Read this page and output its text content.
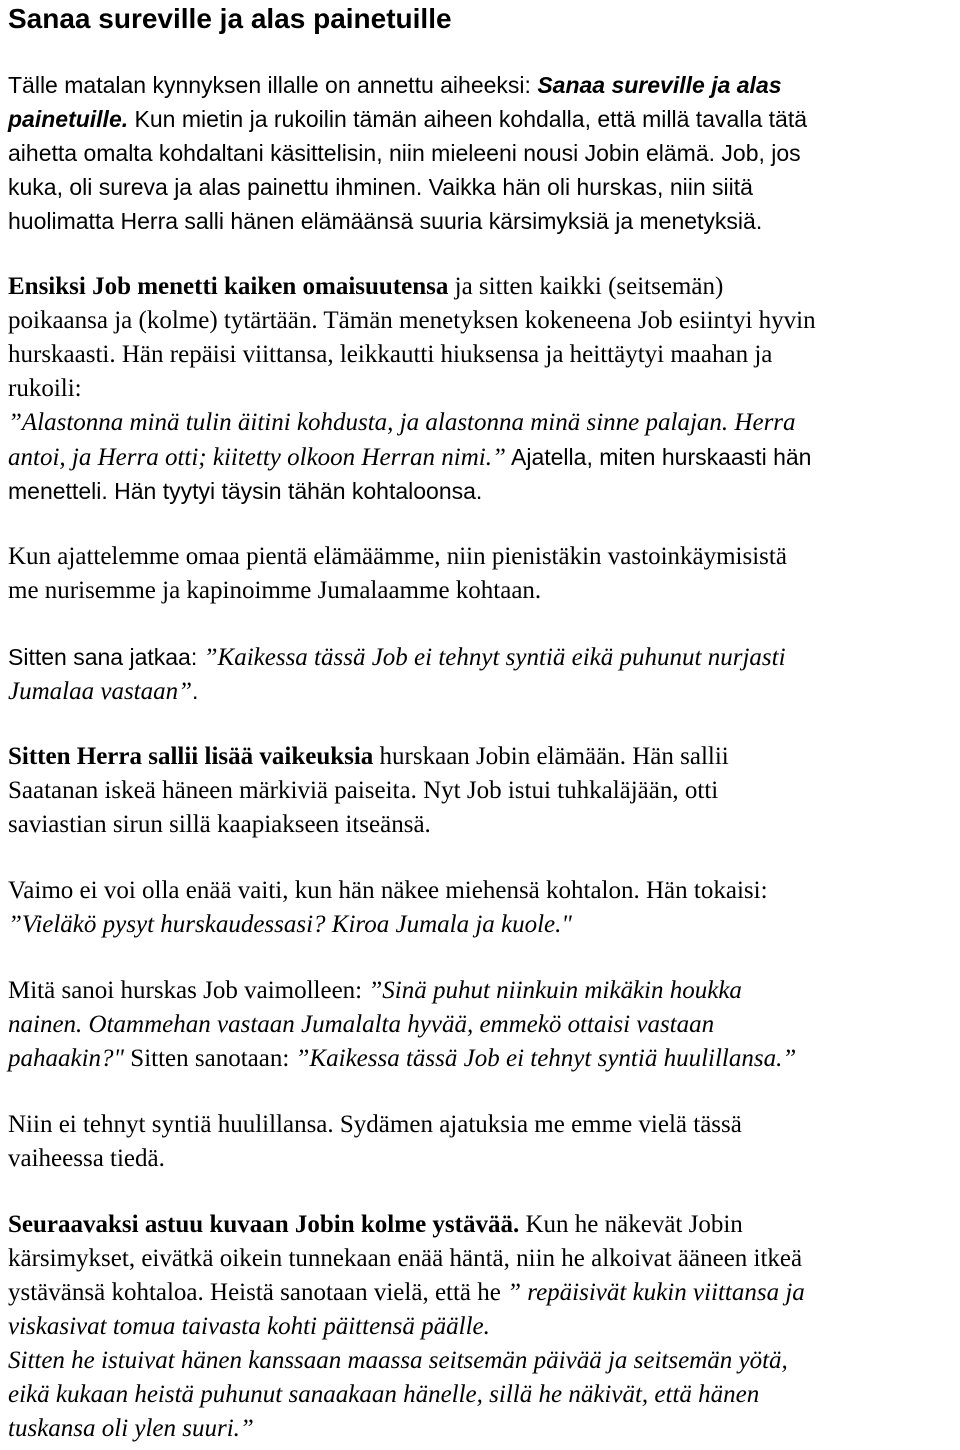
Sanaa sureville ja alas painetuille
Tälle matalan kynnyksen illalle on annettu aiheeksi: Sanaa sureville ja alas
painetuille. Kun mietin ja rukoilin tämän aiheen kohdalla, että millä tavalla tätä
aihetta omalta kohdaltani käsittelisin, niin mieleeni nousi Jobin elämä. Job, jos
kuka, oli sureva ja alas painettu ihminen. Vaikka hän oli hurskas, niin siitä
huolimatta Herra salli hänen elämäänsä suuria kärsimyksiä ja menetyksiä.
Ensiksi Job menetti kaiken omaisuutensa ja sitten kaikki (seitsemän)
poikaansa ja (kolme) tytärtään. Tämän menetyksen kokeneena Job esiintyi hyvin
hurskaasti. Hän repäisi viittansa, leikkautti hiuksensa ja heittäytyi maahan ja
rukoili:
”Alastonna minä tulin äitini kohdusta, ja alastonna minä sinne palajan. Herra
antoi, ja Herra otti; kiitetty olkoon Herran nimi.” Ajatella, miten hurskaasti hän
menetteli. Hän tyytyi täysin tähän kohtaloonsa.
Kun ajattelemme omaa pientä elämäämme, niin pienistäkin vastoinkäymisistä
me nurisemme ja kapinoimme Jumalaamme kohtaan.
Sitten sana jatkaa: ”Kaikessa tässä Job ei tehnyt syntiä eikä puhunut nurjasti
Jumalaa vastaan”.
Sitten Herra sallii lisää vaikeuksia hurskaan Jobin elämään. Hän sallii
Saatanan iskeä häneen märkiviä paiseita. Nyt Job istui tuhkaläjään, otti
saviastian sirun sillä kaapiakseen itseänsä.
Vaimo ei voi olla enää vaiti, kun hän näkee miehensä kohtalon. Hän tokaisi:
”Vieläkö pysyt hurskaudessasi? Kiroa Jumala ja kuole."
Mitä sanoi hurskas Job vaimolleen: ”Sinä puhut niinkuin mikäkin houkka
nainen. Otammehan vastaan Jumalalta hyvää, emmekö ottaisi vastaan
pahaakin?" Sitten sanotaan: ”Kaikessa tässä Job ei tehnyt syntiä huulillansa.”
Niin ei tehnyt syntiä huulillansa. Sydämen ajatuksia me emme vielä tässä
vaiheessa tiedä.
Seuraavaksi astuu kuvaan Jobin kolme ystävää. Kun he näkevät Jobin
kärsimykset, eivätkä oikein tunnekaan enää häntä, niin he alkoivat ääneen itkeä
ystävänsä kohtaloa. Heistä sanotaan vielä, että he ” repäisivät kukin viittansa ja
viskasivat tomua taivasta kohti päittensä päälle.
Sitten he istuivat hänen kanssaan maassa seitsemän päivää ja seitsemän yötä,
eikä kukaan heistä puhunut sanaakaan hänelle, sillä he näkivät, että hänen
tuskansa oli ylen suuri.”
